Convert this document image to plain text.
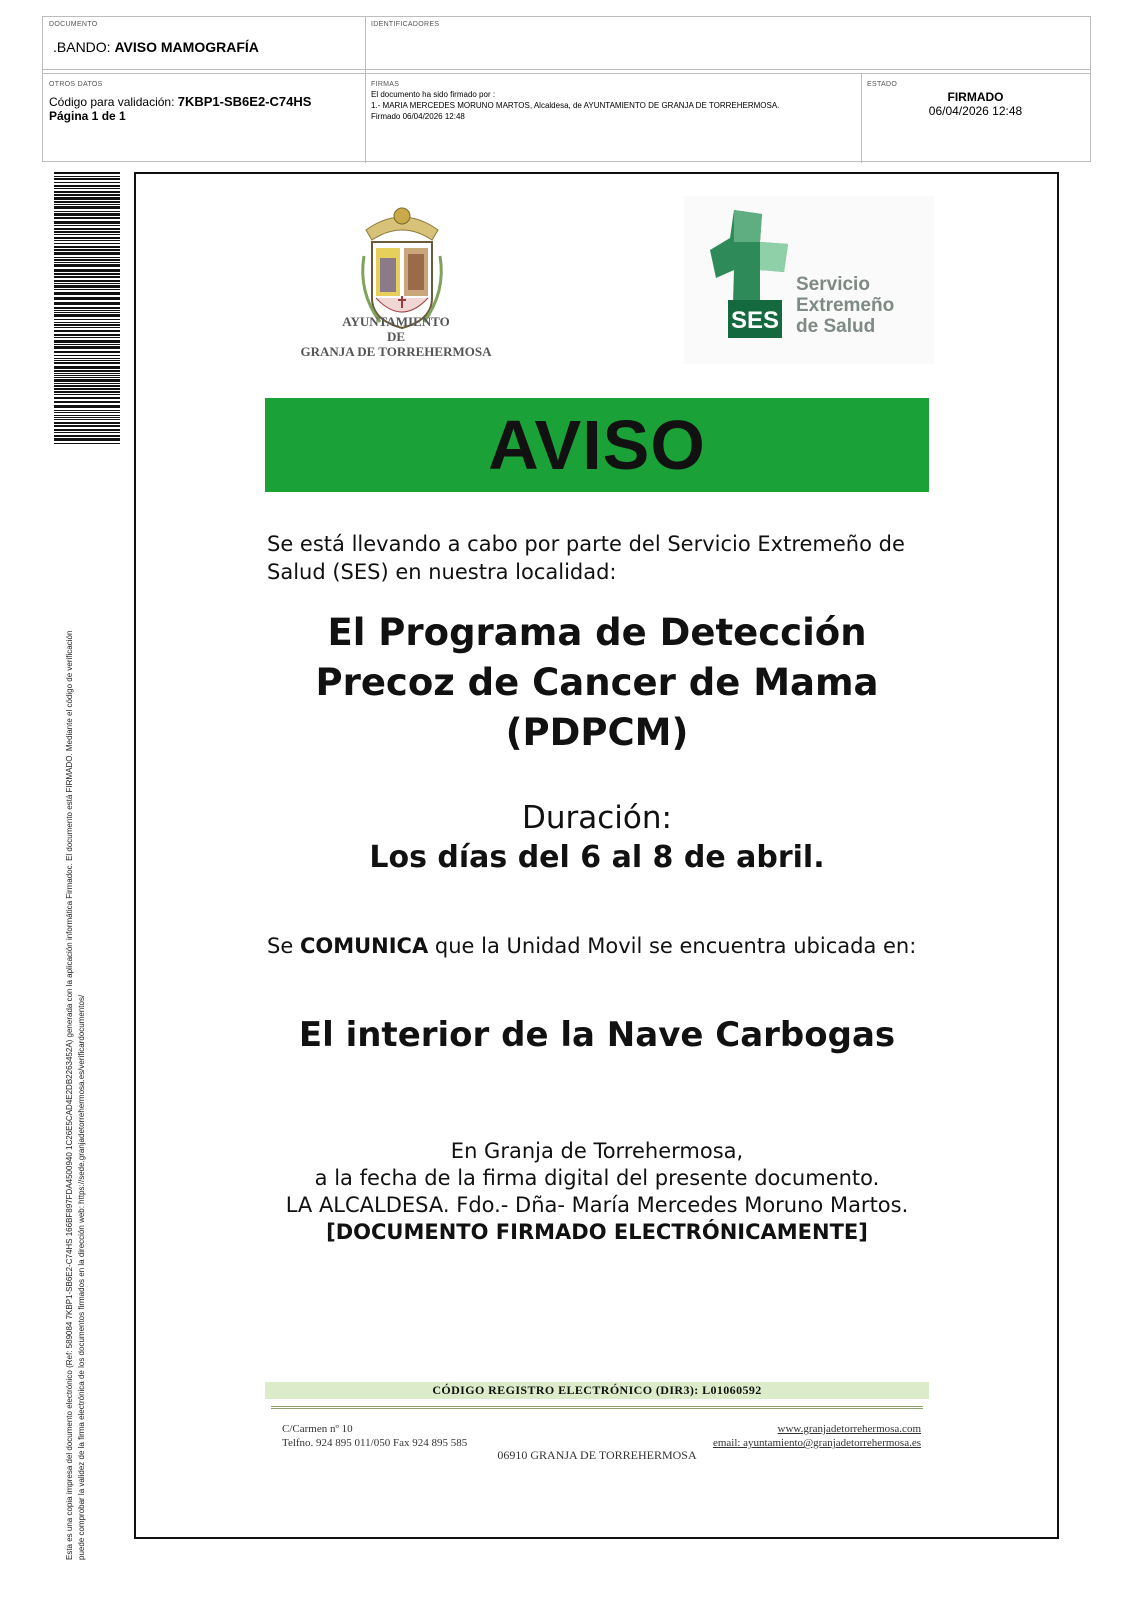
DOCUMENTO
.BANDO: AVISO MAMOGRAFÍA
IDENTIFICADORES
OTROS DATOS
Código para validación: 7KBP1-SB6E2-C74HS
Página 1 de 1
FIRMAS
El documento ha sido firmado por :
1.- MARIA MERCEDES MORUNO MARTOS, Alcaldesa, de AYUNTAMIENTO DE GRANJA DE TORREHERMOSA.
Firmado 06/04/2026 12:48
ESTADO
FIRMADO
06/04/2026 12:48
Esta es una copia impresa del documento electrónico (Ref: 589084 7KBP1-SB6E2-C74HS 166BF897FDA4500940 1C26E5CAD4E2DB2263452A) generada con la aplicación informática Firmadoc. El documento está FIRMADO. Mediante el código de verificación puede comprobar la validez de la firma electrónica de los documentos firmados en la dirección web: https://sede.granjadetorrehermosa.es/verificardocumentos/
AYUNTAMIENTO
DE
GRANJA DE TORREHERMOSA
SES
Servicio
Extremeño
de Salud
AVISO
Se está llevando a cabo por parte del Servicio Extremeño de Salud (SES) en nuestra localidad:
El Programa de Detección
Precoz de Cancer de Mama
(PDPCM)
Duración:
Los días del 6 al 8 de abril.
Se COMUNICA que la Unidad Movil se encuentra ubicada en:
El interior de la Nave Carbogas
En Granja de Torrehermosa,
a la fecha de la firma digital del presente documento.
LA ALCALDESA. Fdo.- Dña- María Mercedes Moruno Martos.
[DOCUMENTO FIRMADO ELECTRÓNICAMENTE]
CÓDIGO REGISTRO ELECTRÓNICO (DIR3): L01060592
C/Carmen nº 10
Telfno. 924 895 011/050 Fax 924 895 585
www.granjadetorrehermosa.com
email: ayuntamiento@granjadetorrehermosa.es
06910 GRANJA DE TORREHERMOSA
